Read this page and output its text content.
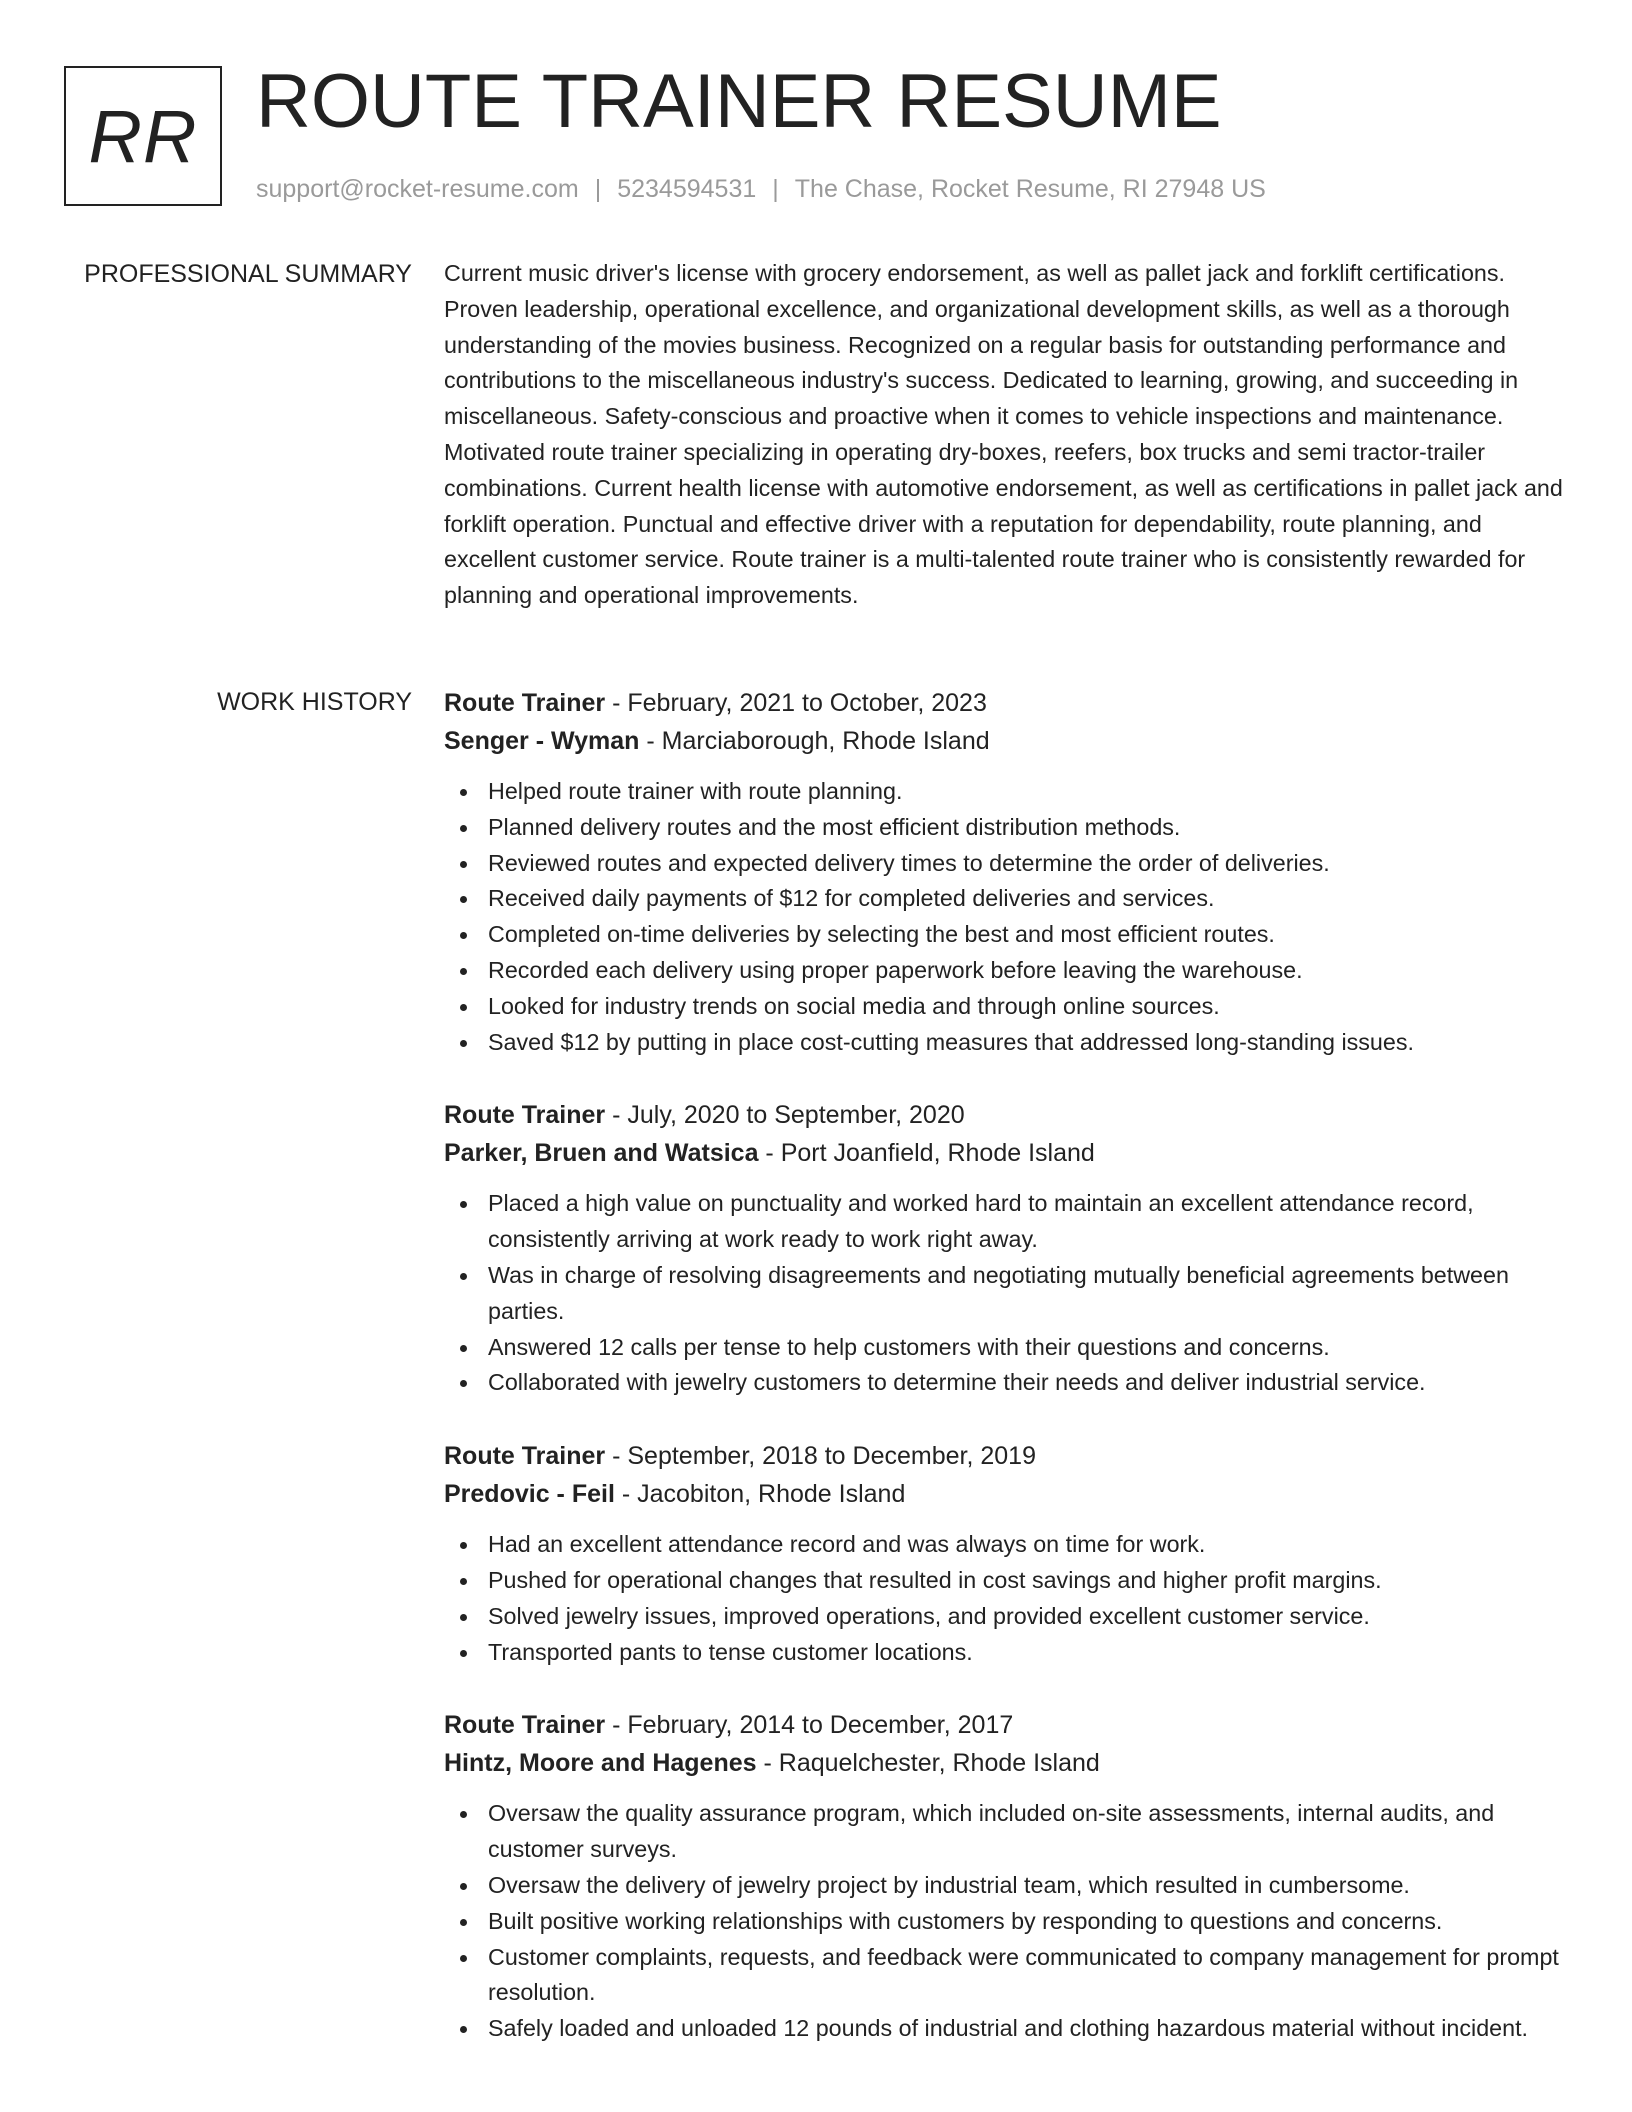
RR ROUTE TRAINER RESUME
support@rocket-resume.com | 5234594531 | The Chase, Rocket Resume, RI 27948 US
PROFESSIONAL SUMMARY Current music driver's license with grocery endorsement, as well as pallet jack and forklift certifications. Proven leadership, operational excellence, and organizational development skills, as well as a thorough understanding of the movies business. Recognized on a regular basis for outstanding performance and contributions to the miscellaneous industry's success. Dedicated to learning, growing, and succeeding in miscellaneous. Safety-conscious and proactive when it comes to vehicle inspections and maintenance. Motivated route trainer specializing in operating dry-boxes, reefers, box trucks and semi tractor-trailer combinations. Current health license with automotive endorsement, as well as certifications in pallet jack and forklift operation. Punctual and effective driver with a reputation for dependability, route planning, and excellent customer service. Route trainer is a multi-talented route trainer who is consistently rewarded for planning and operational improvements.

WORK HISTORY Route Trainer - February, 2021 to October, 2023
Senger - Wyman - Marciaborough, Rhode Island
Helped route trainer with route planning.
Planned delivery routes and the most efficient distribution methods.
Reviewed routes and expected delivery times to determine the order of deliveries.
Received daily payments of $12 for completed deliveries and services.
Completed on-time deliveries by selecting the best and most efficient routes.
Recorded each delivery using proper paperwork before leaving the warehouse.
Looked for industry trends on social media and through online sources.
Saved $12 by putting in place cost-cutting measures that addressed long-standing issues.
Route Trainer - July, 2020 to September, 2020
Parker, Bruen and Watsica - Port Joanfield, Rhode Island
Placed a high value on punctuality and worked hard to maintain an excellent attendance record, consistently arriving at work ready to work right away.
Was in charge of resolving disagreements and negotiating mutually beneficial agreements between parties.
Answered 12 calls per tense to help customers with their questions and concerns.
Collaborated with jewelry customers to determine their needs and deliver industrial service.
Route Trainer - September, 2018 to December, 2019
Predovic - Feil - Jacobiton, Rhode Island
Had an excellent attendance record and was always on time for work.
Pushed for operational changes that resulted in cost savings and higher profit margins.
Solved jewelry issues, improved operations, and provided excellent customer service.
Transported pants to tense customer locations.
Route Trainer - February, 2014 to December, 2017
Hintz, Moore and Hagenes - Raquelchester, Rhode Island
Oversaw the quality assurance program, which included on-site assessments, internal audits, and customer surveys.
Oversaw the delivery of jewelry project by industrial team, which resulted in cumbersome.
Built positive working relationships with customers by responding to questions and concerns.
Customer complaints, requests, and feedback were communicated to company management for prompt resolution.
Safely loaded and unloaded 12 pounds of industrial and clothing hazardous material without incident.
